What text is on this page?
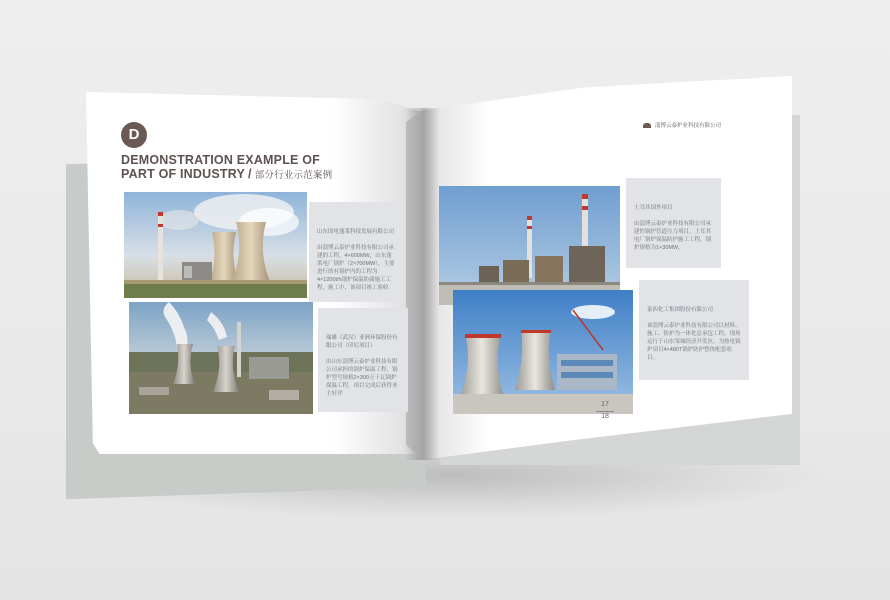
D
DEMONSTRATION EXAMPLE OF
PART OF INDUSTRY / 部分行业示范案例
山东国电蓬莱科技发展有限公司
由淄博云泰炉业科技有限公司承建的工程，4×600MW，山东蓬莱电厂锅炉（2×700MW），主要进行的有锅炉内的工程为4×1200t/h锅炉保温防腐施工工程，施工中，该项目竣工验收
瑞雄（武汉）亚洲环保股份有限公司（印尼项目）
由山东淄博云泰炉业科技有限公司承担的锅炉保温工程，锅炉型号规格2×300万千瓦锅炉保温工程，项目完成后获得业主好评
淄博云泰炉业科技有限公司
土耳其国外项目
由淄博云泰炉业科技有限公司承建的锅炉管道压力项目，土耳其电厂锅炉保温防护施工工程，锅炉规格为1×30MW。
泰西化工集团股份有限公司
该淄博云泰炉业科技有限公司以材料、施工、防护为一体化总承包工程，现场运行于山东邹城经济开发区，为热电锅炉项目4×480T锅炉防护整体配套项目。
17
18
